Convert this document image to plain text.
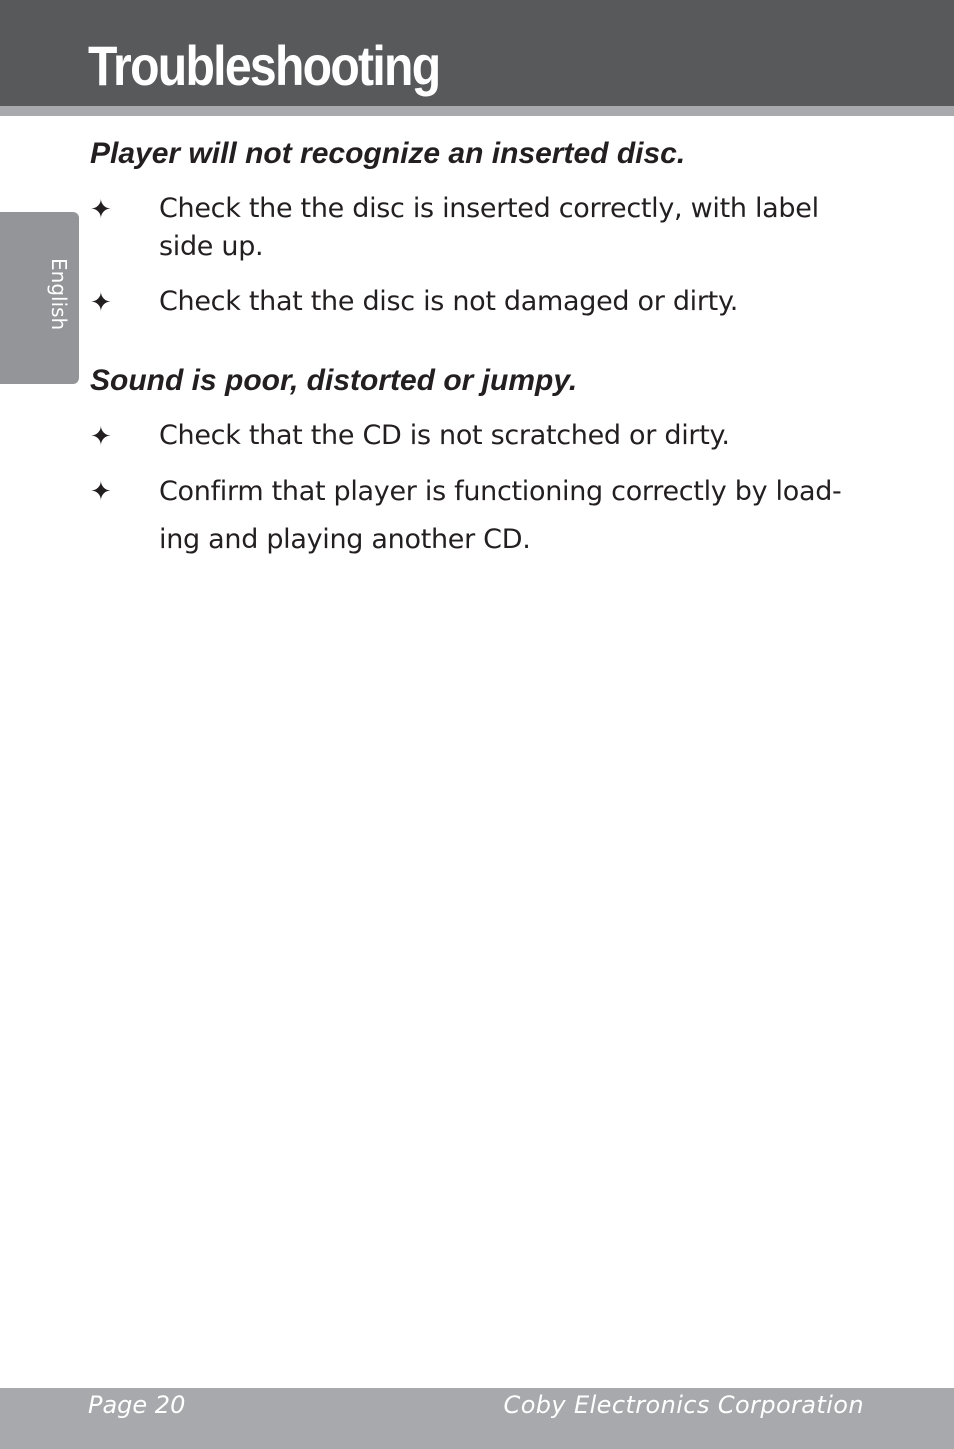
Troubleshooting
English
Player will not recognize an inserted disc.
✦ Check the the disc is inserted correctly, with label side up.
✦ Check that the disc is not damaged or dirty.
Sound is poor, distorted or jumpy.
✦ Check that the CD is not scratched or dirty.
✦ Confirm that player is functioning correctly by load-ing and playing another CD.
Page 20	Coby Electronics Corporation
